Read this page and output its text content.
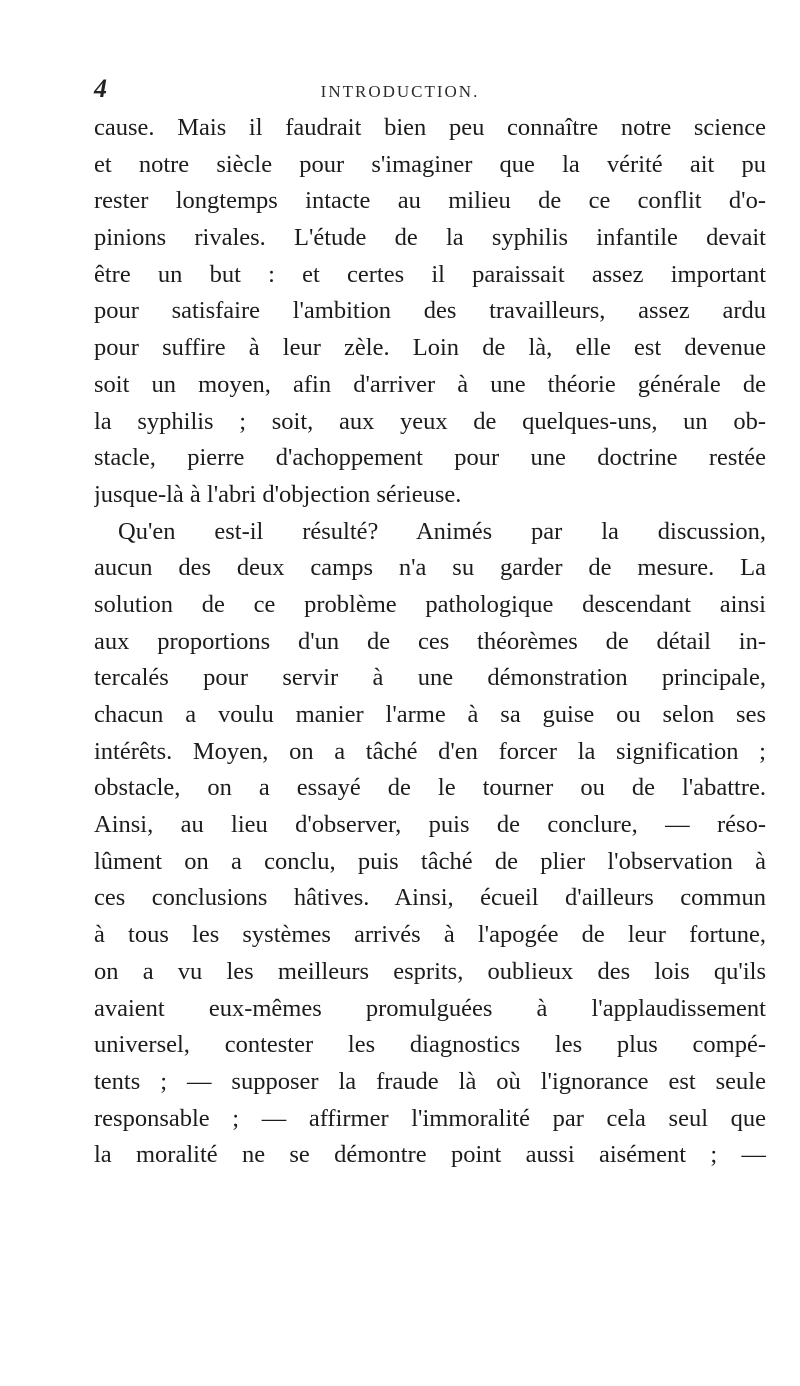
4	INTRODUCTION.
cause. Mais il faudrait bien peu connaître notre science
et notre siècle pour s'imaginer que la vérité ait pu
rester longtemps intacte au milieu de ce conflit d'o-
pinions rivales. L'étude de la syphilis infantile devait
être un but : et certes il paraissait assez important
pour satisfaire l'ambition des travailleurs, assez ardu
pour suffire à leur zèle. Loin de là, elle est devenue
soit un moyen, afin d'arriver à une théorie générale de
la syphilis ; soit, aux yeux de quelques-uns, un ob-
stacle, pierre d'achoppement pour une doctrine restée
jusque-là à l'abri d'objection sérieuse.
Qu'en est-il résulté? Animés par la discussion,
aucun des deux camps n'a su garder de mesure. La
solution de ce problème pathologique descendant ainsi
aux proportions d'un de ces théorèmes de détail in-
tercalés pour servir à une démonstration principale,
chacun a voulu manier l'arme à sa guise ou selon ses
intérêts. Moyen, on a tâché d'en forcer la signification ;
obstacle, on a essayé de le tourner ou de l'abattre.
Ainsi, au lieu d'observer, puis de conclure, — réso-
lûment on a conclu, puis tâché de plier l'observation à
ces conclusions hâtives. Ainsi, écueil d'ailleurs commun
à tous les systèmes arrivés à l'apogée de leur fortune,
on a vu les meilleurs esprits, oublieux des lois qu'ils
avaient eux-mêmes promulguées à l'applaudissement
universel, contester les diagnostics les plus compé-
tents ; — supposer la fraude là où l'ignorance est seule
responsable ; — affirmer l'immoralité par cela seul que
la moralité ne se démontre point aussi aisément ; —
